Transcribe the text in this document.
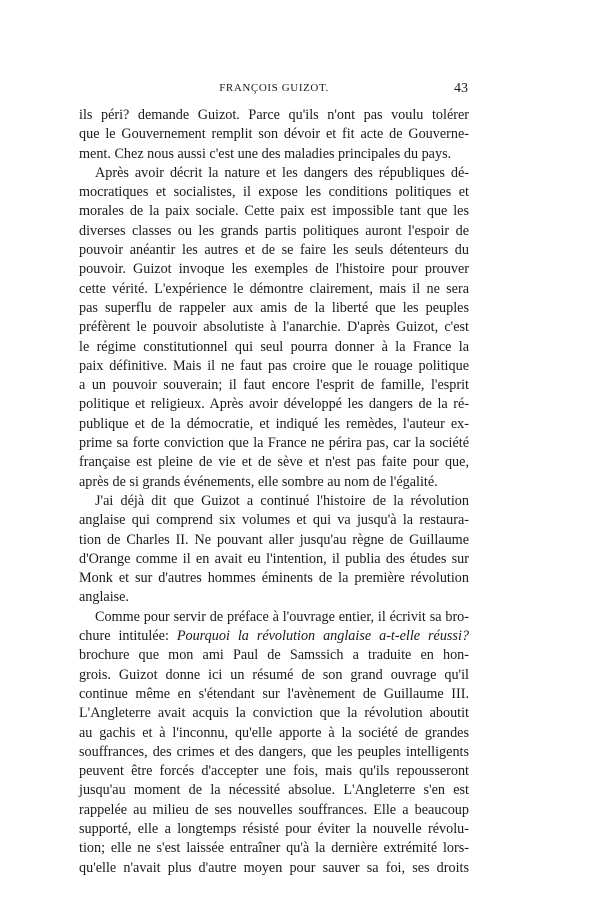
FRANÇOIS GUIZOT.	43

ils péri? demande Guizot. Parce qu'ils n'ont pas voulu tolérer
que le Gouvernement remplit son dévoir et fit acte de Gouverne-
ment. Chez nous aussi c'est une des maladies principales du pays.

Après avoir décrit la nature et les dangers des républiques dé-
mocratiques et socialistes, il expose les conditions politiques et
morales de la paix sociale. Cette paix est impossible tant que les
diverses classes ou les grands partis politiques auront l'espoir de
pouvoir anéantir les autres et de se faire les seuls détenteurs du
pouvoir. Guizot invoque les exemples de l'histoire pour prouver
cette vérité. L'expérience le démontre clairement, mais il ne sera
pas superflu de rappeler aux amis de la liberté que les peuples
préfèrent le pouvoir absolutiste à l'anarchie. D'après Guizot, c'est
le régime constitutionnel qui seul pourra donner à la France la
paix définitive. Mais il ne faut pas croire que le rouage politique
a un pouvoir souverain; il faut encore l'esprit de famille, l'esprit
politique et religieux. Après avoir développé les dangers de la ré-
publique et de la démocratie, et indiqué les remèdes, l'auteur ex-
prime sa forte conviction que la France ne périra pas, car la société
française est pleine de vie et de sève et n'est pas faite pour que,
après de si grands événements, elle sombre au nom de l'égalité.

J'ai déjà dit que Guizot a continué l'histoire de la révolution
anglaise qui comprend six volumes et qui va jusqu'à la restaura-
tion de Charles II. Ne pouvant aller jusqu'au règne de Guillaume
d'Orange comme il en avait eu l'intention, il publia des études sur
Monk et sur d'autres hommes éminents de la première révolution
anglaise.

Comme pour servir de préface à l'ouvrage entier, il écrivit sa bro-
chure intitulée: Pourquoi la révolution anglaise a-t-elle réussi?
brochure que mon ami Paul de Samssich a traduite en hon-
grois. Guizot donne ici un résumé de son grand ouvrage qu'il
continue même en s'étendant sur l'avènement de Guillaume III.
L'Angleterre avait acquis la conviction que la révolution aboutit
au gachis et à l'inconnu, qu'elle apporte à la société de grandes
souffrances, des crimes et des dangers, que les peuples intelligents
peuvent être forcés d'accepter une fois, mais qu'ils repousseront
jusqu'au moment de la nécessité absolue. L'Angleterre s'en est
rappelée au milieu de ses nouvelles souffrances. Elle a beaucoup
supporté, elle a longtemps résisté pour éviter la nouvelle révolu-
tion; elle ne s'est laissée entraîner qu'à la dernière extrémité lors-
qu'elle n'avait plus d'autre moyen pour sauver sa foi, ses droits
